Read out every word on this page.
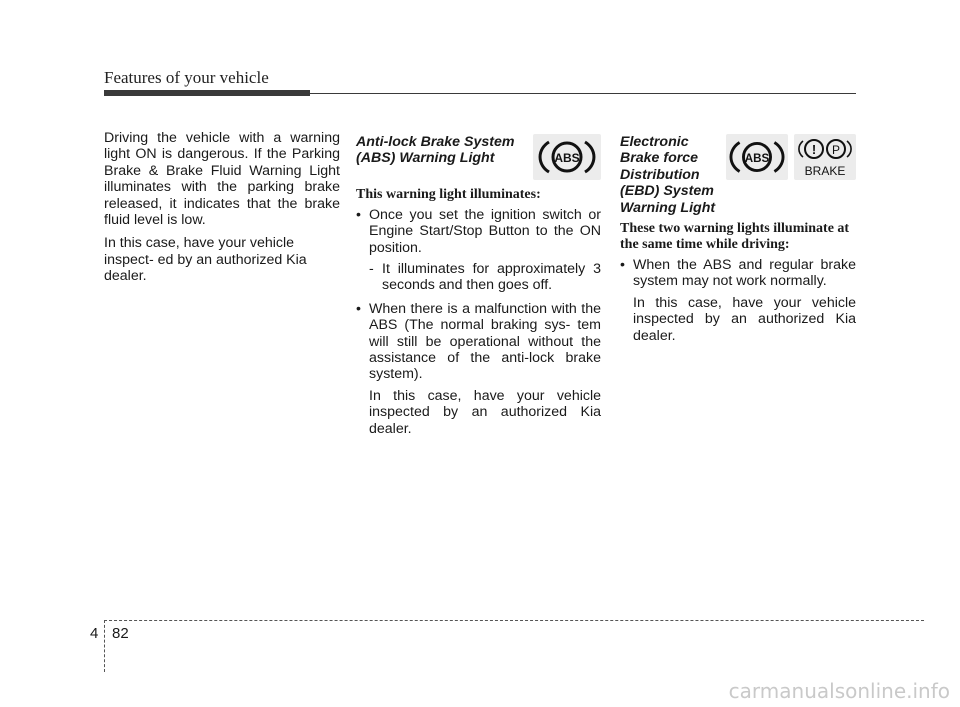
Features of your vehicle

Driving the vehicle with a warning light ON is dangerous. If the Parking Brake & Brake Fluid Warning Light illuminates with the parking brake released, it indicates that the brake fluid level is low.

In this case, have your vehicle inspect- ed by an authorized Kia dealer.

Anti-lock Brake System
(ABS) Warning Light
This warning light illuminates:
• Once you set the ignition switch or Engine Start/Stop Button to the ON position.
- It illuminates for approximately 3 seconds and then goes off.
• When there is a malfunction with the ABS (The normal braking sys- tem will still be operational without the assistance of the anti-lock brake system).
In this case, have your vehicle inspected by an authorized Kia dealer.
ABS
Electronic
Brake force
Distribution
(EBD) System
Warning Light
These two warning lights illuminate at the same time while driving:
• When the ABS and regular brake system may not work normally.
In this case, have your vehicle inspected by an authorized Kia dealer.
ABS
! P
BRAKE
4 82
carmanualsonline.info
